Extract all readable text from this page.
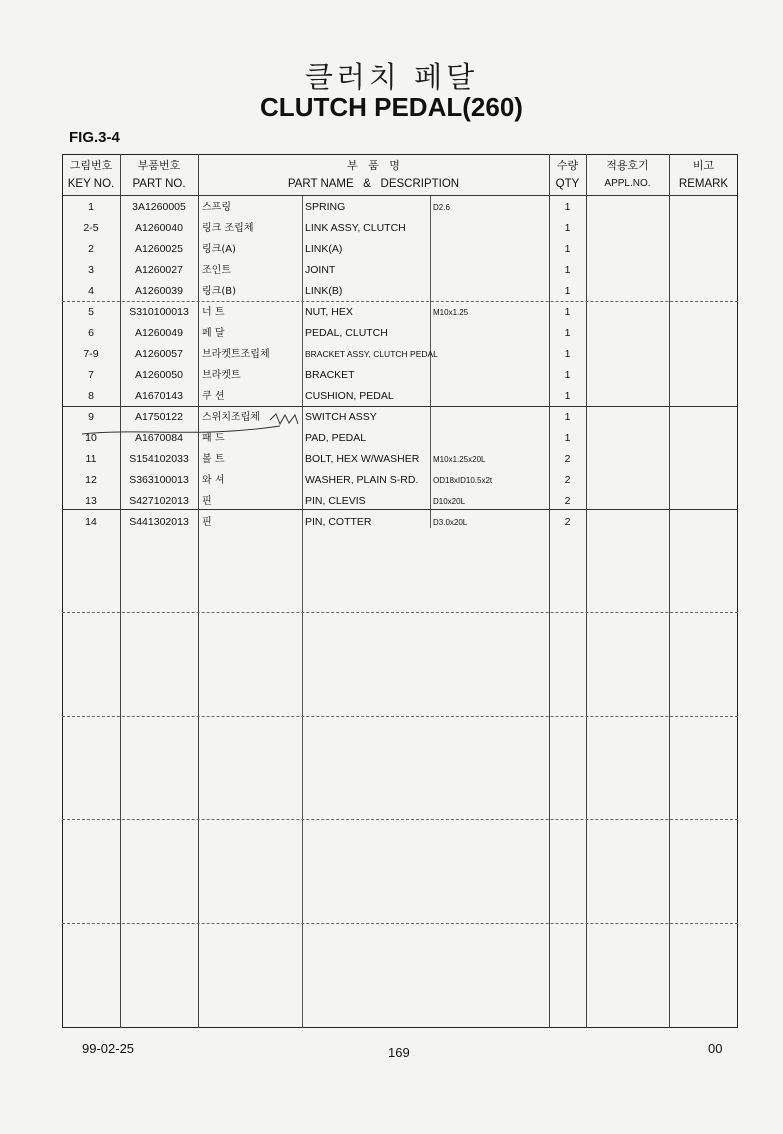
클러치 페달
CLUTCH PEDAL(260)
FIG.3-4
그림번호
KEY NO.
부품번호
PART NO.
부   품   명
PART NAME   &   DESCRIPTION
수량
QTY
적용호기
APPL.NO.
비고
REMARK
1	3A1260005	스프링	SPRING	D2.6	1
2-5	A1260040	링크 조립체	LINK ASSY, CLUTCH	1
2	A1260025	링크(A)	LINK(A)	1
3	A1260027	조인트	JOINT	1
4	A1260039	링크(B)	LINK(B)	1
5	S310100013	너 트	NUT, HEX	M10x1.25	1
6	A1260049	페 달	PEDAL, CLUTCH	1
7-9	A1260057	브라켓트조립체	BRACKET ASSY, CLUTCH PEDAL	1
7	A1260050	브라켓트	BRACKET	1
8	A1670143	쿠 션	CUSHION, PEDAL	1
9	A1750122	스위치조립체	SWITCH ASSY	1
10	A1670084	패 드	PAD, PEDAL	1
11	S154102033	볼 트	BOLT, HEX W/WASHER	M10x1.25x20L	2
12	S363100013	와 셔	WASHER, PLAIN S-RD.	OD18xID10.5x2t	2
13	S427102013	핀	PIN, CLEVIS	D10x20L	2
14	S441302013	핀	PIN, COTTER	D3.0x20L	2
99-02-25	169	00
